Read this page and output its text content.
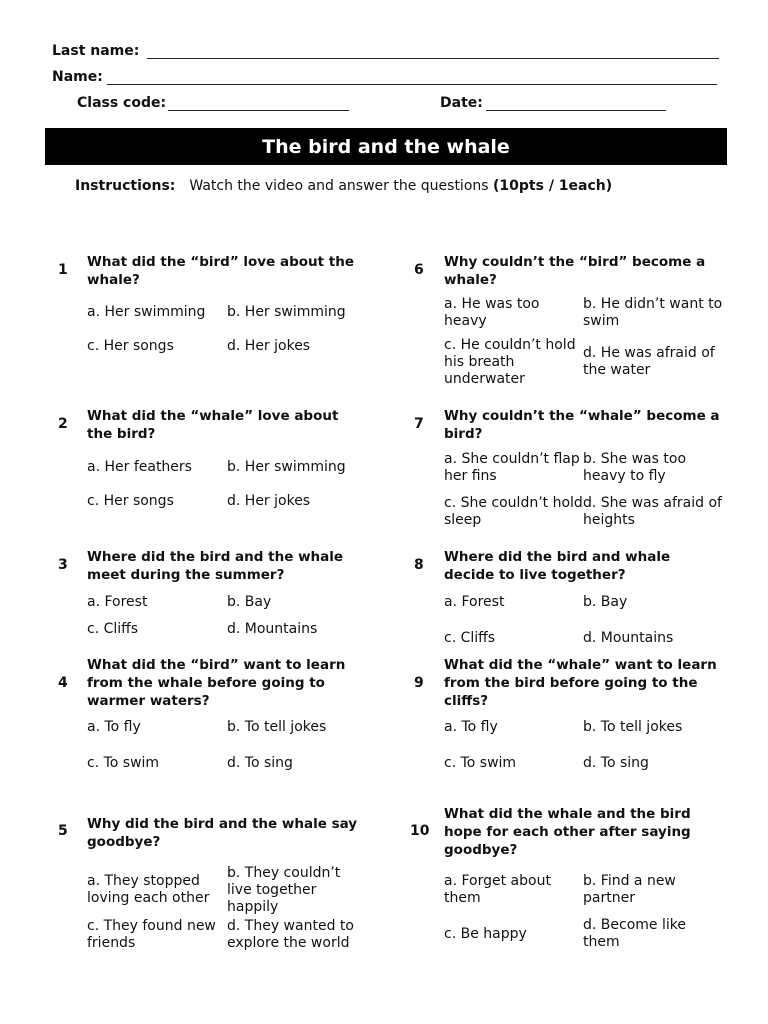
Last name:
Name:
Class code:	Date:
The bird and the whale
Instructions: Watch the video and answer the questions (10pts / 1each)
1	What did the “bird” love about the whale?
a. Her swimming	b. Her swimming
c. Her songs	d. Her jokes
2	What did the “whale” love about the bird?
a. Her feathers	b. Her swimming
c. Her songs	d. Her jokes
3	Where did the bird and the whale meet during the summer?
a. Forest	b. Bay
c. Cliffs	d. Mountains
4
What did the “bird” want to learn from the whale before going to warmer waters?
a. To fly	b. To tell jokes
c. To swim	d. To sing
5	Why did the bird and the whale say goodbye?
a. They stopped loving each other
b. They couldn’t live together happily
c. They found new friends
d. They wanted to explore the world
6	Why couldn’t the “bird” become a whale?
a. He was too heavy
b. He didn’t want to swim
c. He couldn’t hold his breath underwater
d. He was afraid of the water
7	Why couldn’t the “whale” become a bird?
a. She couldn’t flap her fins
b. She was too heavy to fly
c. She couldn’t hold sleep
d. She was afraid of heights
8	Where did the bird and whale decide to live together?
a. Forest	b. Bay
c. Cliffs	d. Mountains
9
What did the “whale” want to learn from the bird before going to the cliffs?
a. To fly	b. To tell jokes
c. To swim	d. To sing
10
What did the whale and the bird hope for each other after saying goodbye?
a. Forget about them
b. Find a new partner
c. Be happy
d. Become like them
